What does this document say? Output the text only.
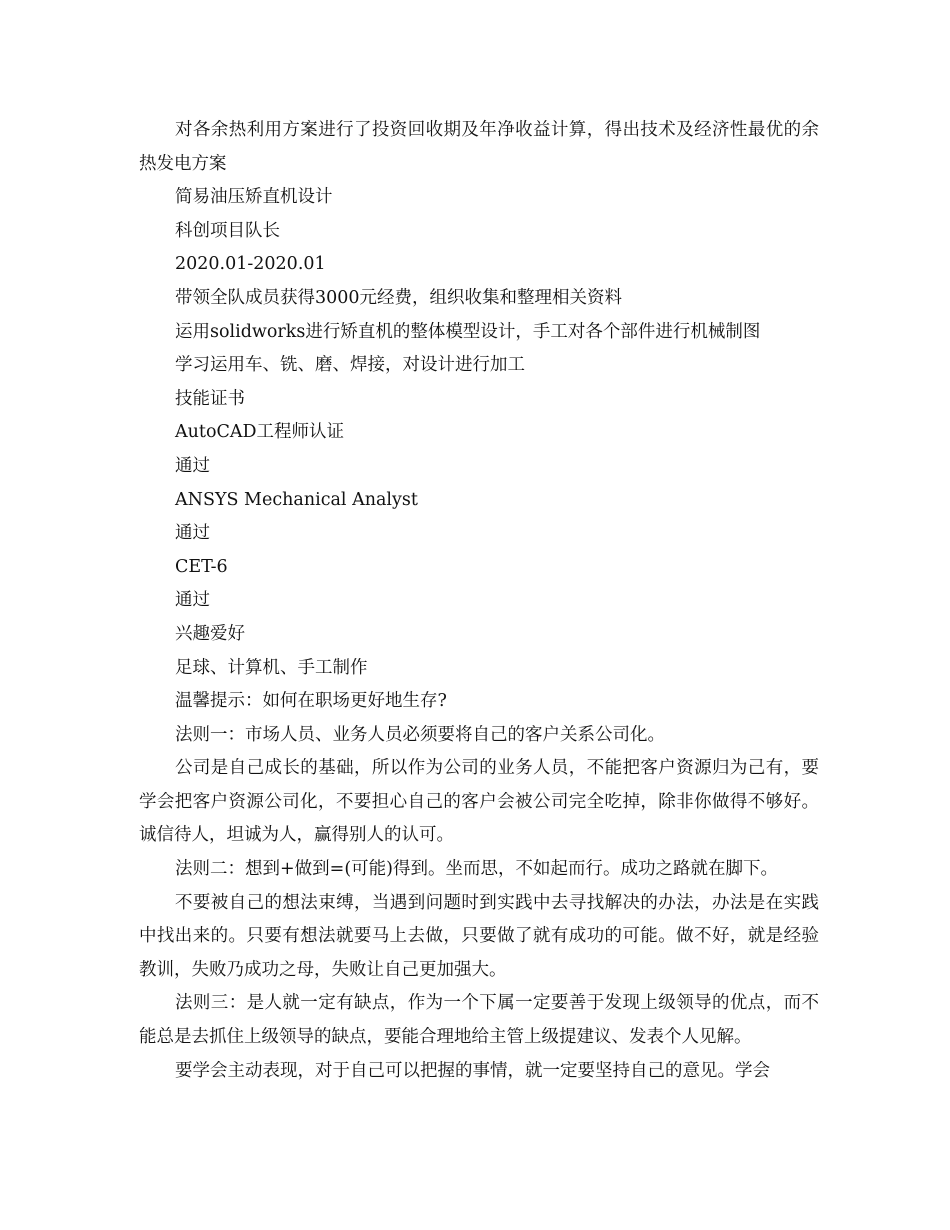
对各余热利用方案进行了投资回收期及年净收益计算，得出技术及经济性最优的余热发电方案

简易油压矫直机设计

科创项目队长

2020.01-2020.01

带领全队成员获得3000元经费，组织收集和整理相关资料

运用solidworks进行矫直机的整体模型设计，手工对各个部件进行机械制图

学习运用车、铣、磨、焊接，对设计进行加工

技能证书

AutoCAD工程师认证

通过

ANSYS Mechanical Analyst

通过

CET-6

通过

兴趣爱好

足球、计算机、手工制作

温馨提示：如何在职场更好地生存?

法则一：市场人员、业务人员必须要将自己的客户关系公司化。

公司是自己成长的基础，所以作为公司的业务人员，不能把客户资源归为己有，要学会把客户资源公司化，不要担心自己的客户会被公司完全吃掉，除非你做得不够好。诚信待人，坦诚为人，赢得别人的认可。

法则二：想到+做到=(可能)得到。坐而思，不如起而行。成功之路就在脚下。

不要被自己的想法束缚，当遇到问题时到实践中去寻找解决的办法，办法是在实践中找出来的。只要有想法就要马上去做，只要做了就有成功的可能。做不好，就是经验教训，失败乃成功之母，失败让自己更加强大。

法则三：是人就一定有缺点，作为一个下属一定要善于发现上级领导的优点，而不能总是去抓住上级领导的缺点，要能合理地给主管上级提建议、发表个人见解。

要学会主动表现，对于自己可以把握的事情，就一定要坚持自己的意见。学会
